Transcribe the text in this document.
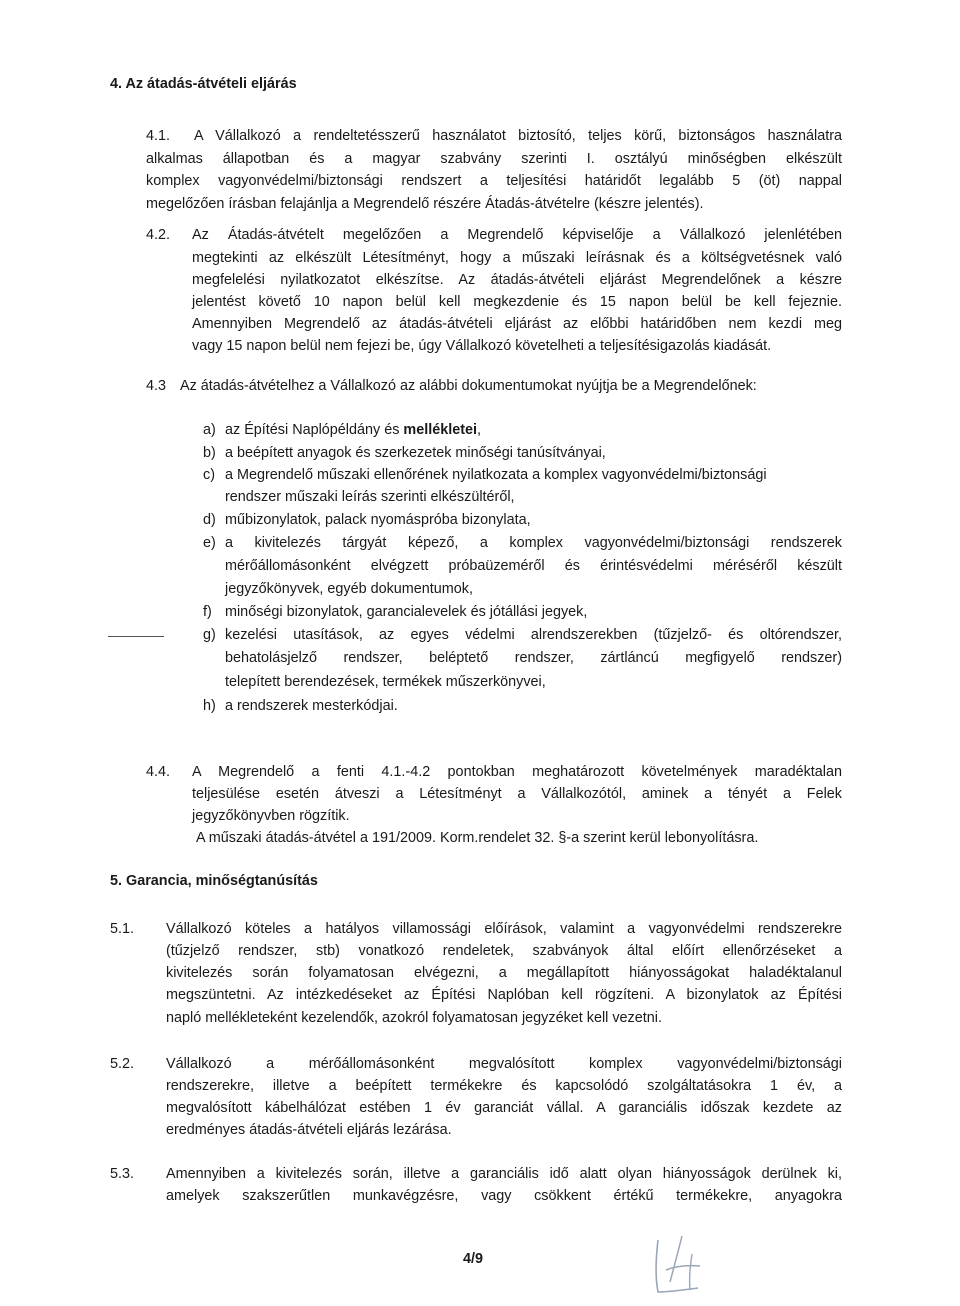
4. Az átadás-átvételi eljárás
4.1. A Vállalkozó a rendeltetésszerű használatot biztosító, teljes körű, biztonságos használatra
alkalmas állapotban és a magyar szabvány szerinti I. osztályú minőségben elkészült
komplex vagyonvédelmi/biztonsági rendszert a teljesítési határidőt legalább 5 (öt) nappal
megelőzően írásban felajánlja a Megrendelő részére Átadás-átvételre (készre jelentés).
4.2. Az Átadás-átvételt megelőzően a Megrendelő képviselője a Vállalkozó jelenlétében
megtekinti az elkészült Létesítményt, hogy a műszaki leírásnak és a költségvetésnek való
megfelelési nyilatkozatot elkészítse. Az átadás-átvételi eljárást Megrendelőnek a készre
jelentést követő 10 napon belül kell megkezdenie és 15 napon belül be kell fejeznie.
Amennyiben Megrendelő az átadás-átvételi eljárást az előbbi határidőben nem kezdi meg
vagy 15 napon belül nem fejezi be, úgy Vállalkozó követelheti a teljesítésigazolás kiadását.
4.3 Az átadás-átvételhez a Vállalkozó az alábbi dokumentumokat nyújtja be a Megrendelőnek:
a) az Építési Naplópéldány és mellékletei,
b) a beépített anyagok és szerkezetek minőségi tanúsítványai,
c) a Megrendelő műszaki ellenőrének nyilatkozata a komplex vagyonvédelmi/biztonsági
rendszer műszaki leírás szerinti elkészültéről,
d) műbizonylatok, palack nyomáspróba bizonylata,
e) a kivitelezés tárgyát képező, a komplex vagyonvédelmi/biztonsági rendszerek
mérőállomásonként elvégzett próbaüzeméről és érintésvédelmi méréséről készült
jegyzőkönyvek, egyéb dokumentumok,
f) minőségi bizonylatok, garancialevelek és jótállási jegyek,
g) kezelési utasítások, az egyes védelmi alrendszerekben (tűzjelző- és oltórendszer,
behatolásjelző rendszer, beléptető rendszer, zártláncú megfigyelő rendszer)
telepített berendezések, termékek műszerkönyvei,
h) a rendszerek mesterkódjai.
4.4. A Megrendelő a fenti 4.1.-4.2 pontokban meghatározott követelmények maradéktalan
teljesülése esetén átveszi a Létesítményt a Vállalkozótól, aminek a tényét a Felek
jegyzőkönyvben rögzítik.
A műszaki átadás-átvétel a 191/2009. Korm.rendelet 32. §-a szerint kerül lebonyolításra.
5. Garancia, minőségtanúsítás
5.1. Vállalkozó köteles a hatályos villamossági előírások, valamint a vagyonvédelmi rendszerekre
(tűzjelző rendszer, stb) vonatkozó rendeletek, szabványok által előírt ellenőrzéseket a
kivitelezés során folyamatosan elvégezni, a megállapított hiányosságokat haladéktalanul
megszüntetni. Az intézkedéseket az Építési Naplóban kell rögzíteni. A bizonylatok az Építési
napló mellékleteként kezelendők, azokról folyamatosan jegyzéket kell vezetni.
5.2. Vállalkozó a mérőállomásonként megvalósított komplex vagyonvédelmi/biztonsági
rendszerekre, illetve a beépített termékekre és kapcsolódó szolgáltatásokra 1 év, a
megvalósított kábelhálózat estében 1 év garanciát vállal. A garanciális időszak kezdete az
eredményes átadás-átvételi eljárás lezárása.
5.3. Amennyiben a kivitelezés során, illetve a garanciális idő alatt olyan hiányosságok derülnek ki,
amelyek szakszerűtlen munkavégzésre, vagy csökkent értékű termékekre, anyagokra
4/9
